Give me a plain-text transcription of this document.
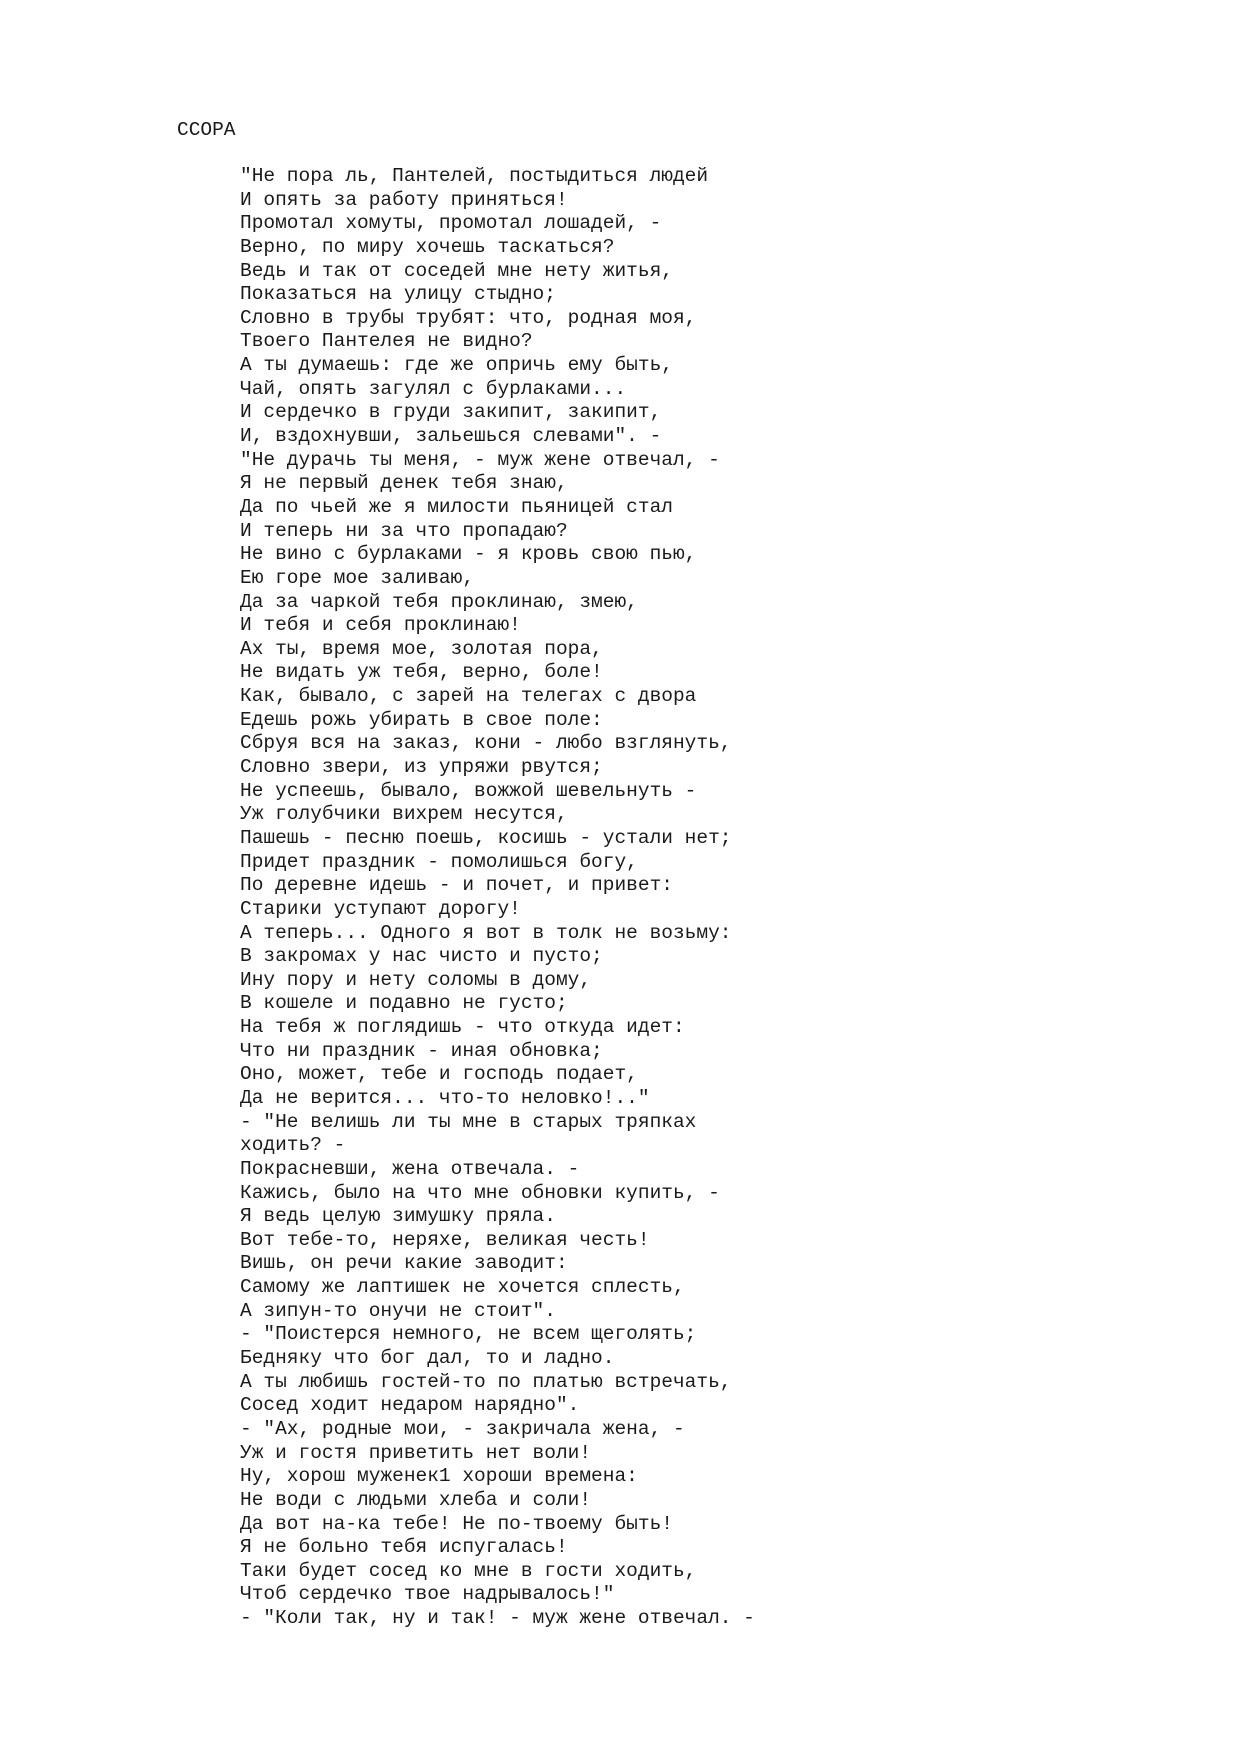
ССОРА
"Не пора ль, Пантелей, постыдиться людей
И опять за работу приняться!
Промотал хомуты, промотал лошадей, -
Верно, по миру хочешь таскаться?
Ведь и так от соседей мне нету житья,
Показаться на улицу стыдно;
Словно в трубы трубят: что, родная моя,
Твоего Пантелея не видно?
А ты думаешь: где же опричь ему быть,
Чай, опять загулял с бурлаками...
И сердечко в груди закипит, закипит,
И, вздохнувши, зальешься слевами". -
"Не дурачь ты меня, - муж жене отвечал, -
Я не первый денек тебя знаю,
Да по чьей же я милости пьяницей стал
И теперь ни за что пропадаю?
Не вино с бурлаками - я кровь свою пью,
Ею горе мое заливаю,
Да за чаркой тебя проклинаю, змею,
И тебя и себя проклинаю!
Ах ты, время мое, золотая пора,
Не видать уж тебя, верно, боле!
Как, бывало, с зарей на телегах с двора
Едешь рожь убирать в свое поле:
Сбруя вся на заказ, кони - любо взглянуть,
Словно звери, из упряжи рвутся;
Не успеешь, бывало, вожжой шевельнуть -
Уж голубчики вихрем несутся,
Пашешь - песню поешь, косишь - устали нет;
Придет праздник - помолишься богу,
По деревне идешь - и почет, и привет:
Старики уступают дорогу!
А теперь... Одного я вот в толк не возьму:
В закромах у нас чисто и пусто;
Ину пору и нету соломы в дому,
В кошеле и подавно не густо;
На тебя ж поглядишь - что откуда идет:
Что ни праздник - иная обновка;
Оно, может, тебе и господь подает,
Да не верится... что-то неловко!.."
- "Не велишь ли ты мне в старых тряпках
ходить? -
Покрасневши, жена отвечала. -
Кажись, было на что мне обновки купить, -
Я ведь целую зимушку пряла.
Вот тебе-то, неряхе, великая честь!
Вишь, он речи какие заводит:
Самому же лаптишек не хочется сплесть,
А зипун-то онучи не стоит".
- "Поистерся немного, не всем щеголять;
Бедняку что бог дал, то и ладно.
А ты любишь гостей-то по платью встречать,
Сосед ходит недаром нарядно".
- "Ах, родные мои, - закричала жена, -
Уж и гостя приветить нет воли!
Ну, хорош муженек1 хороши времена:
Не води с людьми хлеба и соли!
Да вот на-ка тебе! Не по-твоему быть!
Я не больно тебя испугалась!
Таки будет сосед ко мне в гости ходить,
Чтоб сердечко твое надрывалось!"
- "Коли так, ну и так! - муж жене отвечал. -
